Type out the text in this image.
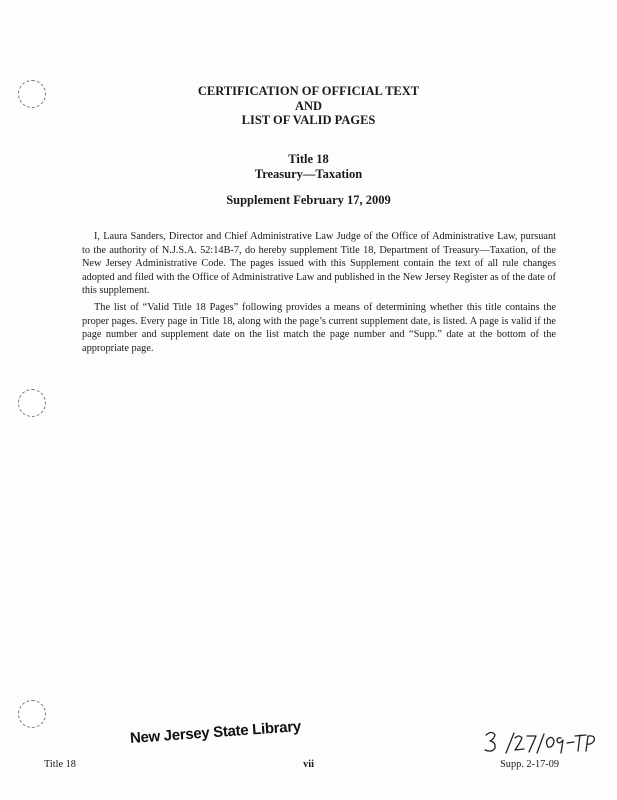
CERTIFICATION OF OFFICIAL TEXT
AND
LIST OF VALID PAGES
Title 18
Treasury—Taxation
Supplement February 17, 2009

I, Laura Sanders, Director and Chief Administrative Law Judge of the Office of Administrative Law, pursuant to the authority of N.J.S.A. 52:14B-7, do hereby supplement Title 18, Department of Treasury—Taxation, of the New Jersey Administrative Code. The pages issued with this Supplement contain the text of all rule changes adopted and filed with the Office of Administrative Law and published in the New Jersey Register as of the date of this supplement.

The list of “Valid Title 18 Pages” following provides a means of determining whether this title contains the proper pages. Every page in Title 18, along with the page’s current supplement date, is listed. A page is valid if the page number and supplement date on the list match the page number and “Supp.” date at the bottom of the appropriate page.

New Jersey State Library
Title 18	vii	Supp. 2-17-09
